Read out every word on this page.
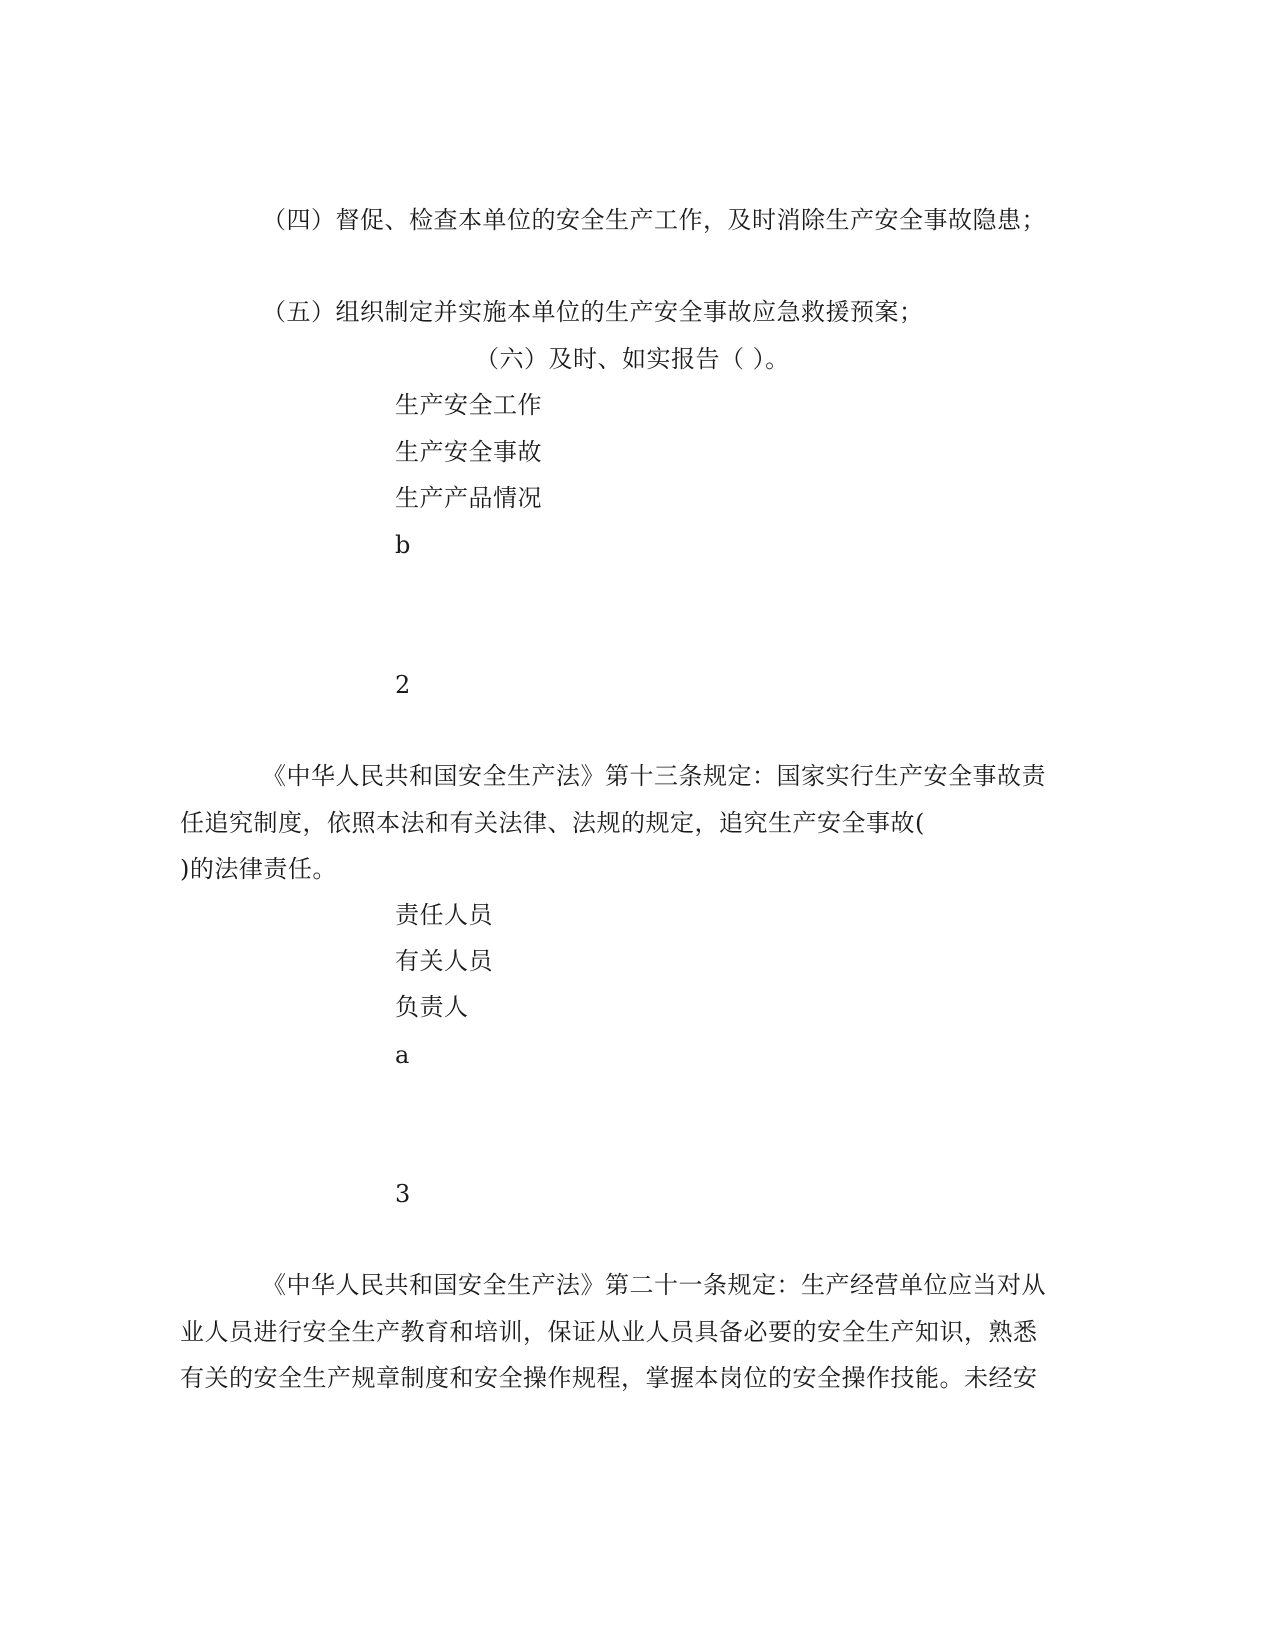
（四）督促、检查本单位的安全生产工作，及时消除生产安全事故隐患；
（五）组织制定并实施本单位的生产安全事故应急救援预案；
（六）及时、如实报告（ ）。
生产安全工作
生产安全事故
生产产品情况
b
2
《中华人民共和国安全生产法》第十三条规定：国家实行生产安全事故责
任追究制度，依照本法和有关法律、法规的规定，追究生产安全事故(
)的法律责任。
责任人员
有关人员
负责人
a
3
《中华人民共和国安全生产法》第二十一条规定：生产经营单位应当对从
业人员进行安全生产教育和培训，保证从业人员具备必要的安全生产知识，熟悉
有关的安全生产规章制度和安全操作规程，掌握本岗位的安全操作技能。未经安
